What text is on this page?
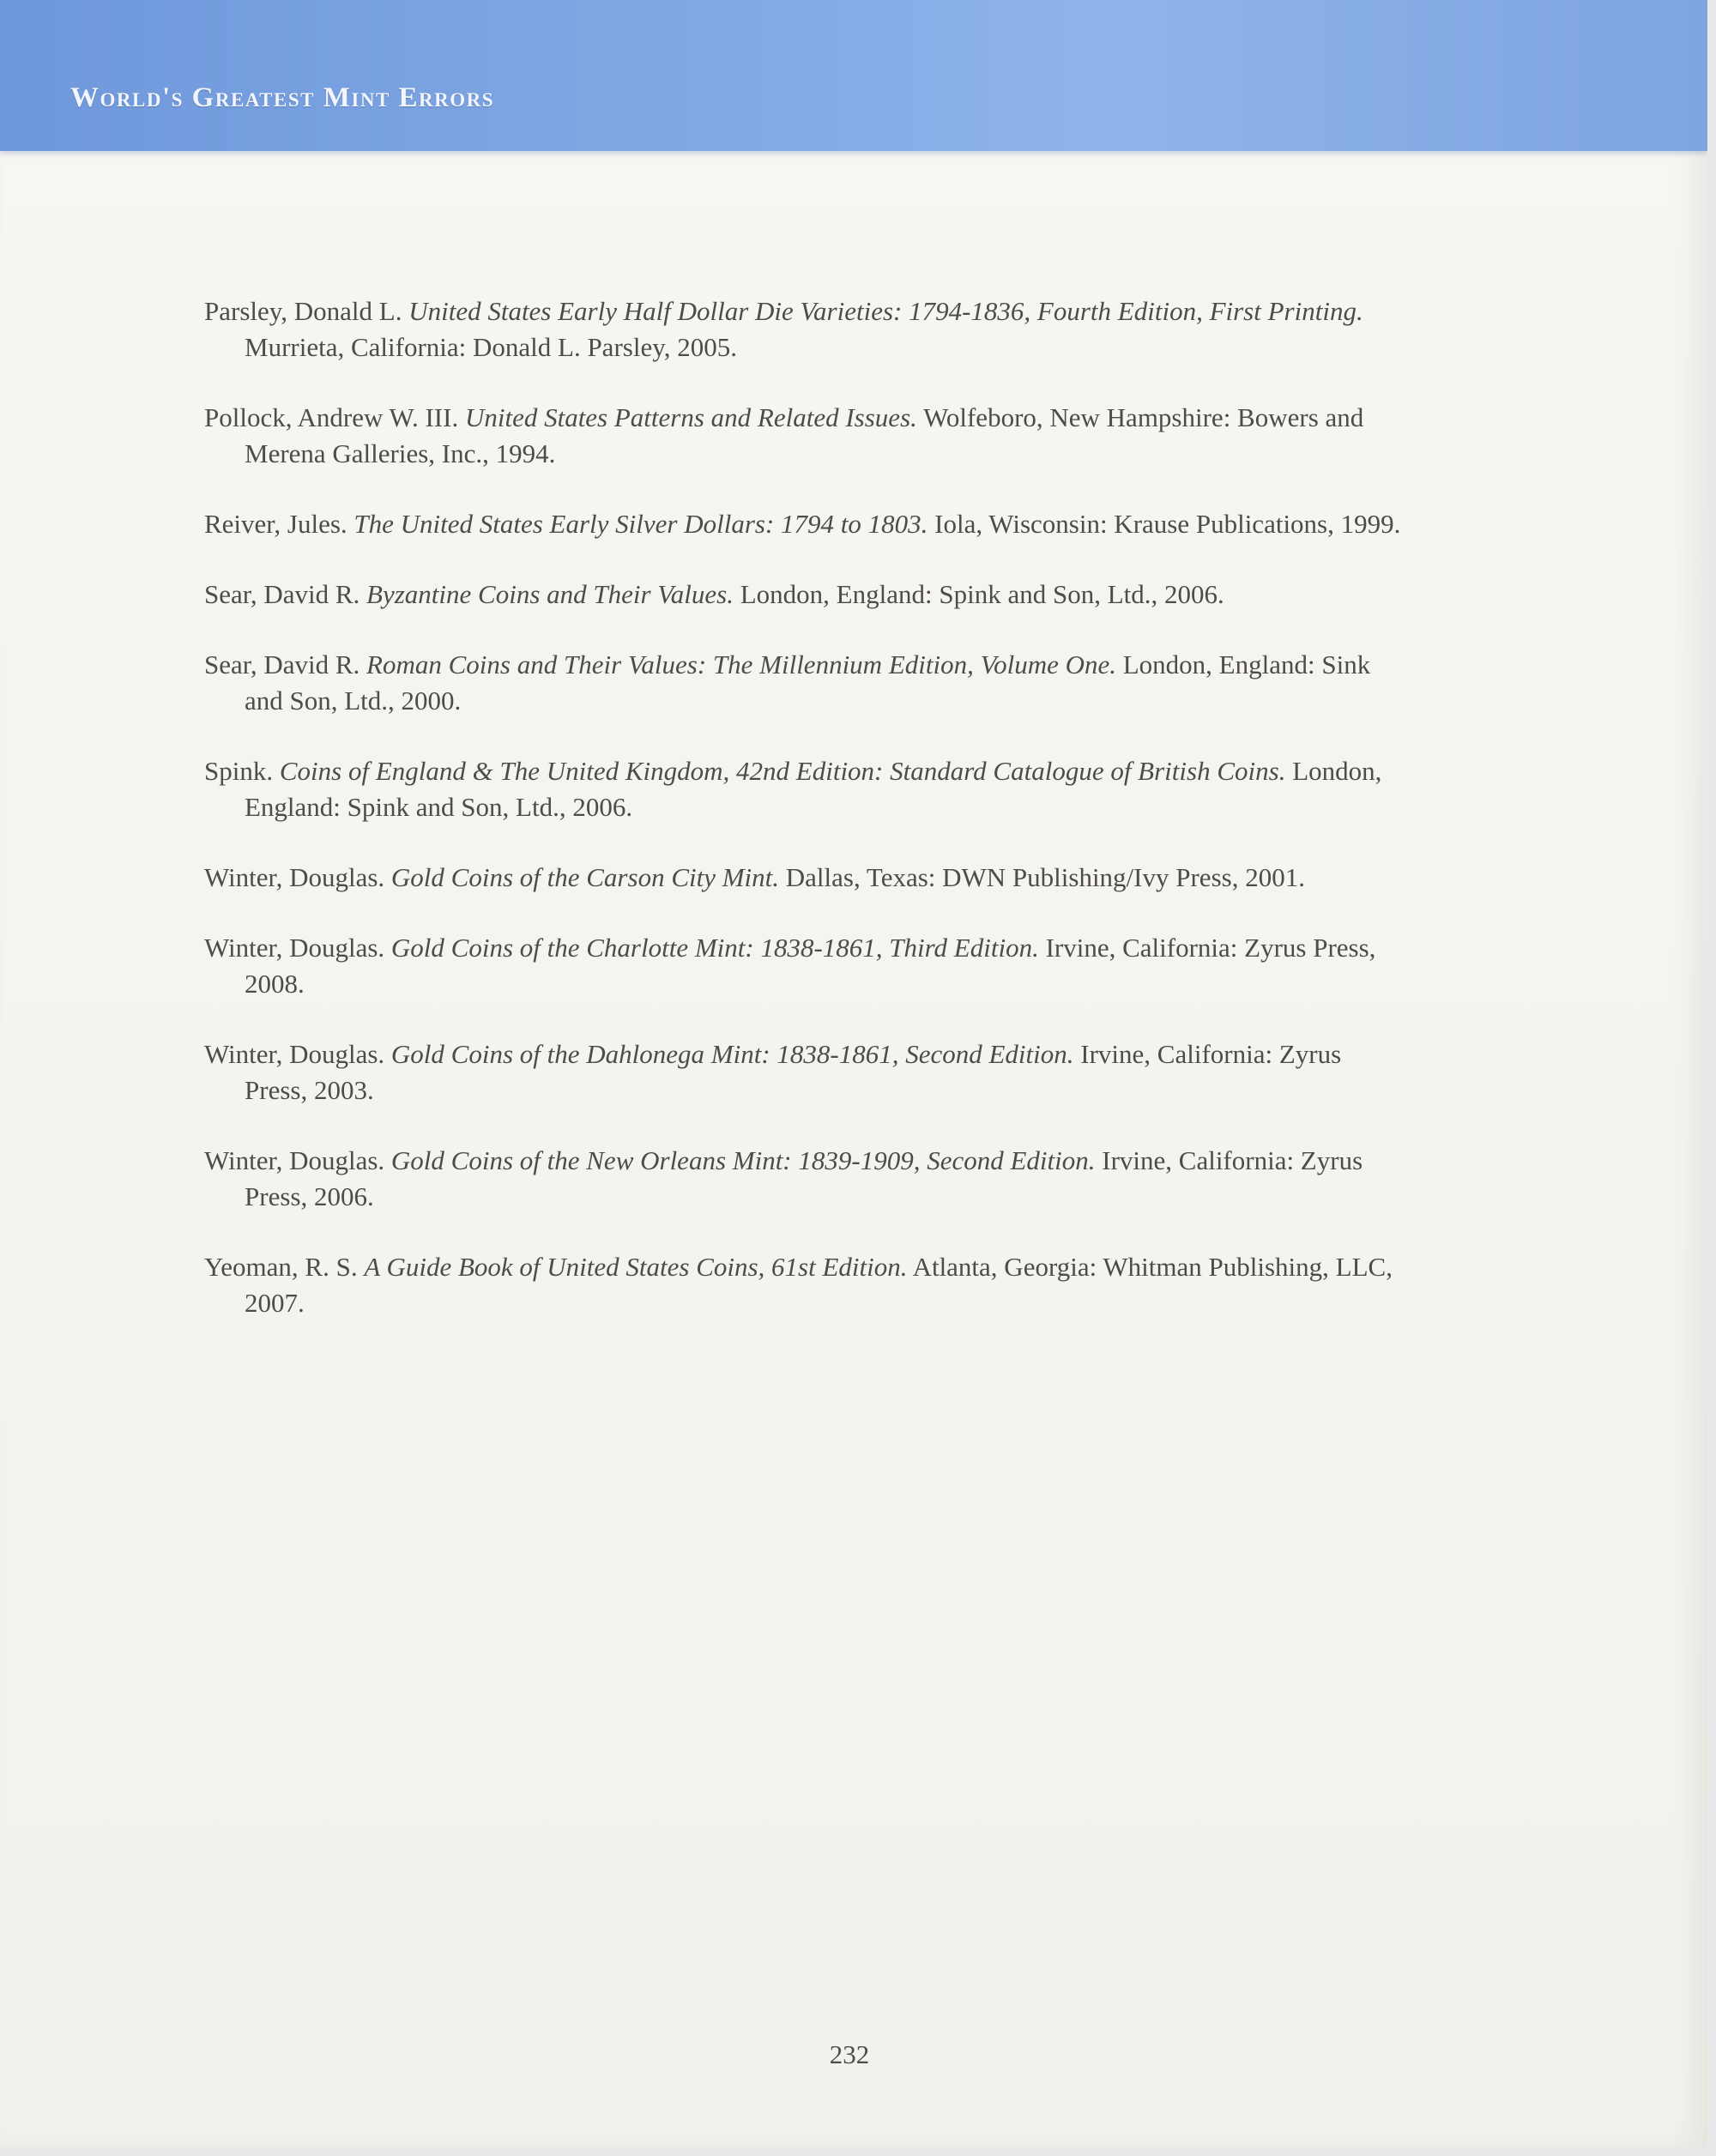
World's Greatest Mint Errors
Parsley, Donald L. United States Early Half Dollar Die Varieties: 1794-1836, Fourth Edition, First Printing. Murrieta, California: Donald L. Parsley, 2005.
Pollock, Andrew W. III. United States Patterns and Related Issues. Wolfeboro, New Hampshire: Bowers and Merena Galleries, Inc., 1994.
Reiver, Jules. The United States Early Silver Dollars: 1794 to 1803. Iola, Wisconsin: Krause Publications, 1999.
Sear, David R. Byzantine Coins and Their Values. London, England: Spink and Son, Ltd., 2006.
Sear, David R. Roman Coins and Their Values: The Millennium Edition, Volume One. London, England: Sink and Son, Ltd., 2000.
Spink. Coins of England & The United Kingdom, 42nd Edition: Standard Catalogue of British Coins. London, England: Spink and Son, Ltd., 2006.
Winter, Douglas. Gold Coins of the Carson City Mint. Dallas, Texas: DWN Publishing/Ivy Press, 2001.
Winter, Douglas. Gold Coins of the Charlotte Mint: 1838-1861, Third Edition. Irvine, California: Zyrus Press, 2008.
Winter, Douglas. Gold Coins of the Dahlonega Mint: 1838-1861, Second Edition. Irvine, California: Zyrus Press, 2003.
Winter, Douglas. Gold Coins of the New Orleans Mint: 1839-1909, Second Edition. Irvine, California: Zyrus Press, 2006.
Yeoman, R. S. A Guide Book of United States Coins, 61st Edition. Atlanta, Georgia: Whitman Publishing, LLC, 2007.
232
